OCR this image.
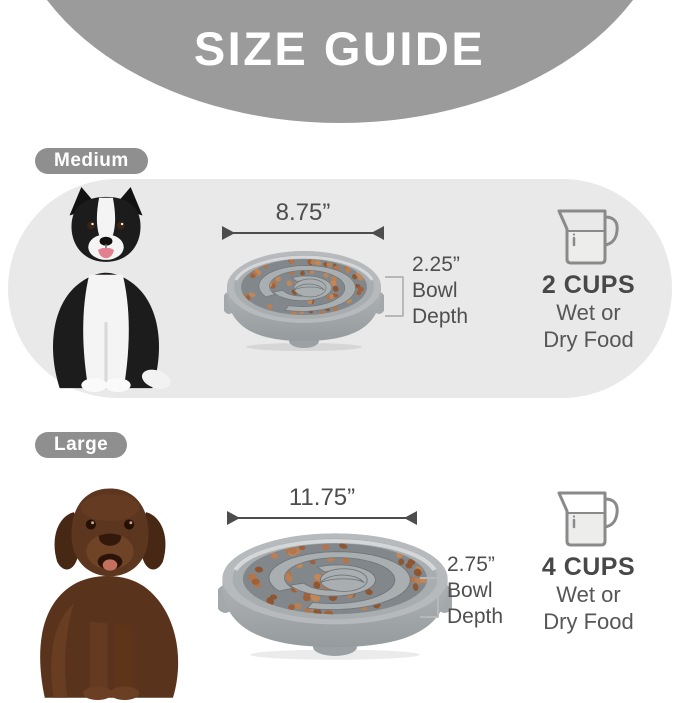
SIZE GUIDE
Medium
8.75”
2.25”
Bowl
Depth
2 CUPS
Wet or
Dry Food
Large
11.75”
2.75”
Bowl
Depth
4 CUPS
Wet or
Dry Food
